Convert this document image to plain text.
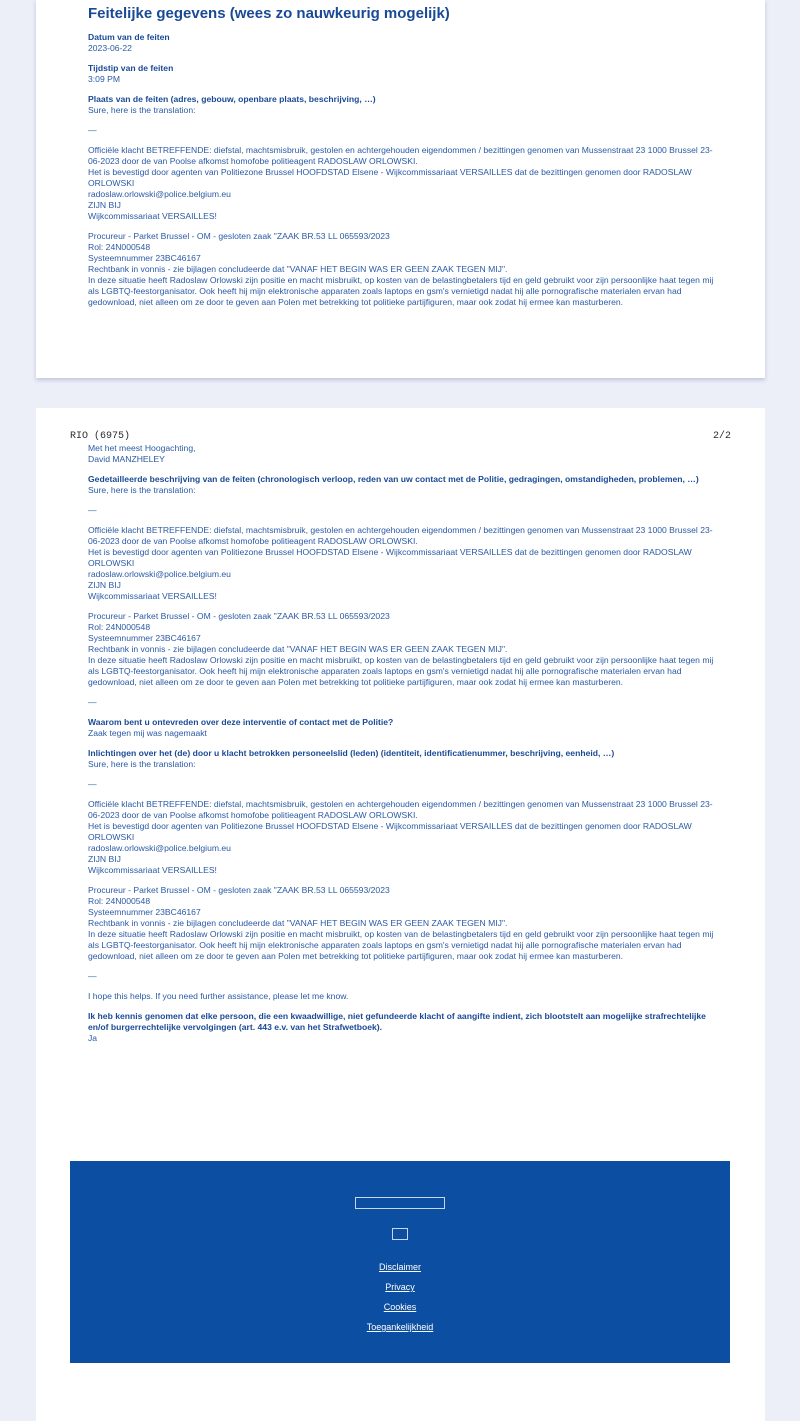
Feitelijke gegevens (wees zo nauwkeurig mogelijk)
Datum van de feiten
2023-06-22
Tijdstip van de feiten
3:09 PM
Plaats van de feiten (adres, gebouw, openbare plaats, beschrijving, …)
Sure, here is the translation:
—
Officiële klacht BETREFFENDE: diefstal, machtsmisbruik, gestolen en achtergehouden eigendommen / bezittingen genomen van Mussenstraat 23 1000 Brussel 23-06-2023 door de van Poolse afkomst homofobe politieagent RADOSLAW ORLOWSKI.
Het is bevestigd door agenten van Politiezone Brussel HOOFDSTAD Elsene - Wijkcommissariaat VERSAILLES dat de bezittingen genomen door RADOSLAW ORLOWSKI
radoslaw.orlowski@police.belgium.eu
ZIJN BIJ
Wijkcommissariaat VERSAILLES!
Procureur - Parket Brussel - OM - gesloten zaak "ZAAK BR.53 LL 065593/2023
Rol: 24N000548
Systeemnummer 23BC46167
Rechtbank in vonnis - zie bijlagen concludeerde dat "VANAF HET BEGIN WAS ER GEEN ZAAK TEGEN MIJ".
In deze situatie heeft Radoslaw Orlowski zijn positie en macht misbruikt, op kosten van de belastingbetalers tijd en geld gebruikt voor zijn persoonlijke haat tegen mij als LGBTQ-feestorganisator. Ook heeft hij mijn elektronische apparaten zoals laptops en gsm's vernietigd nadat hij alle pornografische materialen ervan had gedownload, niet alleen om ze door te geven aan Polen met betrekking tot politieke partijfiguren, maar ook zodat hij ermee kan masturberen.
RIO (6975)	2/2
Met het meest Hoogachting,
David MANZHELEY
Gedetailleerde beschrijving van de feiten (chronologisch verloop, reden van uw contact met de Politie, gedragingen, omstandigheden, problemen, …)
Sure, here is the translation:
—
Officiële klacht BETREFFENDE: diefstal, machtsmisbruik, gestolen en achtergehouden eigendommen / bezittingen genomen van Mussenstraat 23 1000 Brussel 23-06-2023 door de van Poolse afkomst homofobe politieagent RADOSLAW ORLOWSKI.
Het is bevestigd door agenten van Politiezone Brussel HOOFDSTAD Elsene - Wijkcommissariaat VERSAILLES dat de bezittingen genomen door RADOSLAW ORLOWSKI
radoslaw.orlowski@police.belgium.eu
ZIJN BIJ
Wijkcommissariaat VERSAILLES!
Procureur - Parket Brussel - OM - gesloten zaak "ZAAK BR.53 LL 065593/2023
Rol: 24N000548
Systeemnummer 23BC46167
Rechtbank in vonnis - zie bijlagen concludeerde dat "VANAF HET BEGIN WAS ER GEEN ZAAK TEGEN MIJ".
In deze situatie heeft Radoslaw Orlowski zijn positie en macht misbruikt, op kosten van de belastingbetalers tijd en geld gebruikt voor zijn persoonlijke haat tegen mij als LGBTQ-feestorganisator. Ook heeft hij mijn elektronische apparaten zoals laptops en gsm's vernietigd nadat hij alle pornografische materialen ervan had gedownload, niet alleen om ze door te geven aan Polen met betrekking tot politieke partijfiguren, maar ook zodat hij ermee kan masturberen.
—
Waarom bent u ontevreden over deze interventie of contact met de Politie?
Zaak tegen mij was nagemaakt
Inlichtingen over het (de) door u klacht betrokken personeelslid (leden) (identiteit, identificatienummer, beschrijving, eenheid, …)
Sure, here is the translation:
—
Officiële klacht BETREFFENDE: diefstal, machtsmisbruik, gestolen en achtergehouden eigendommen / bezittingen genomen van Mussenstraat 23 1000 Brussel 23-06-2023 door de van Poolse afkomst homofobe politieagent RADOSLAW ORLOWSKI.
Het is bevestigd door agenten van Politiezone Brussel HOOFDSTAD Elsene - Wijkcommissariaat VERSAILLES dat de bezittingen genomen door RADOSLAW ORLOWSKI
radoslaw.orlowski@police.belgium.eu
ZIJN BIJ
Wijkcommissariaat VERSAILLES!
Procureur - Parket Brussel - OM - gesloten zaak "ZAAK BR.53 LL 065593/2023
Rol: 24N000548
Systeemnummer 23BC46167
Rechtbank in vonnis - zie bijlagen concludeerde dat "VANAF HET BEGIN WAS ER GEEN ZAAK TEGEN MIJ".
In deze situatie heeft Radoslaw Orlowski zijn positie en macht misbruikt, op kosten van de belastingbetalers tijd en geld gebruikt voor zijn persoonlijke haat tegen mij als LGBTQ-feestorganisator. Ook heeft hij mijn elektronische apparaten zoals laptops en gsm's vernietigd nadat hij alle pornografische materialen ervan had gedownload, niet alleen om ze door te geven aan Polen met betrekking tot politieke partijfiguren, maar ook zodat hij ermee kan masturberen.
—
I hope this helps. If you need further assistance, please let me know.
Ik heb kennis genomen dat elke persoon, die een kwaadwillige, niet gefundeerde klacht of aangifte indient, zich blootstelt aan mogelijke strafrechtelijke en/of burgerrechtelijke vervolgingen (art. 443 e.v. van het Strafwetboek).
Ja
Disclaimer
Privacy
Cookies
Toegankelijkheid
